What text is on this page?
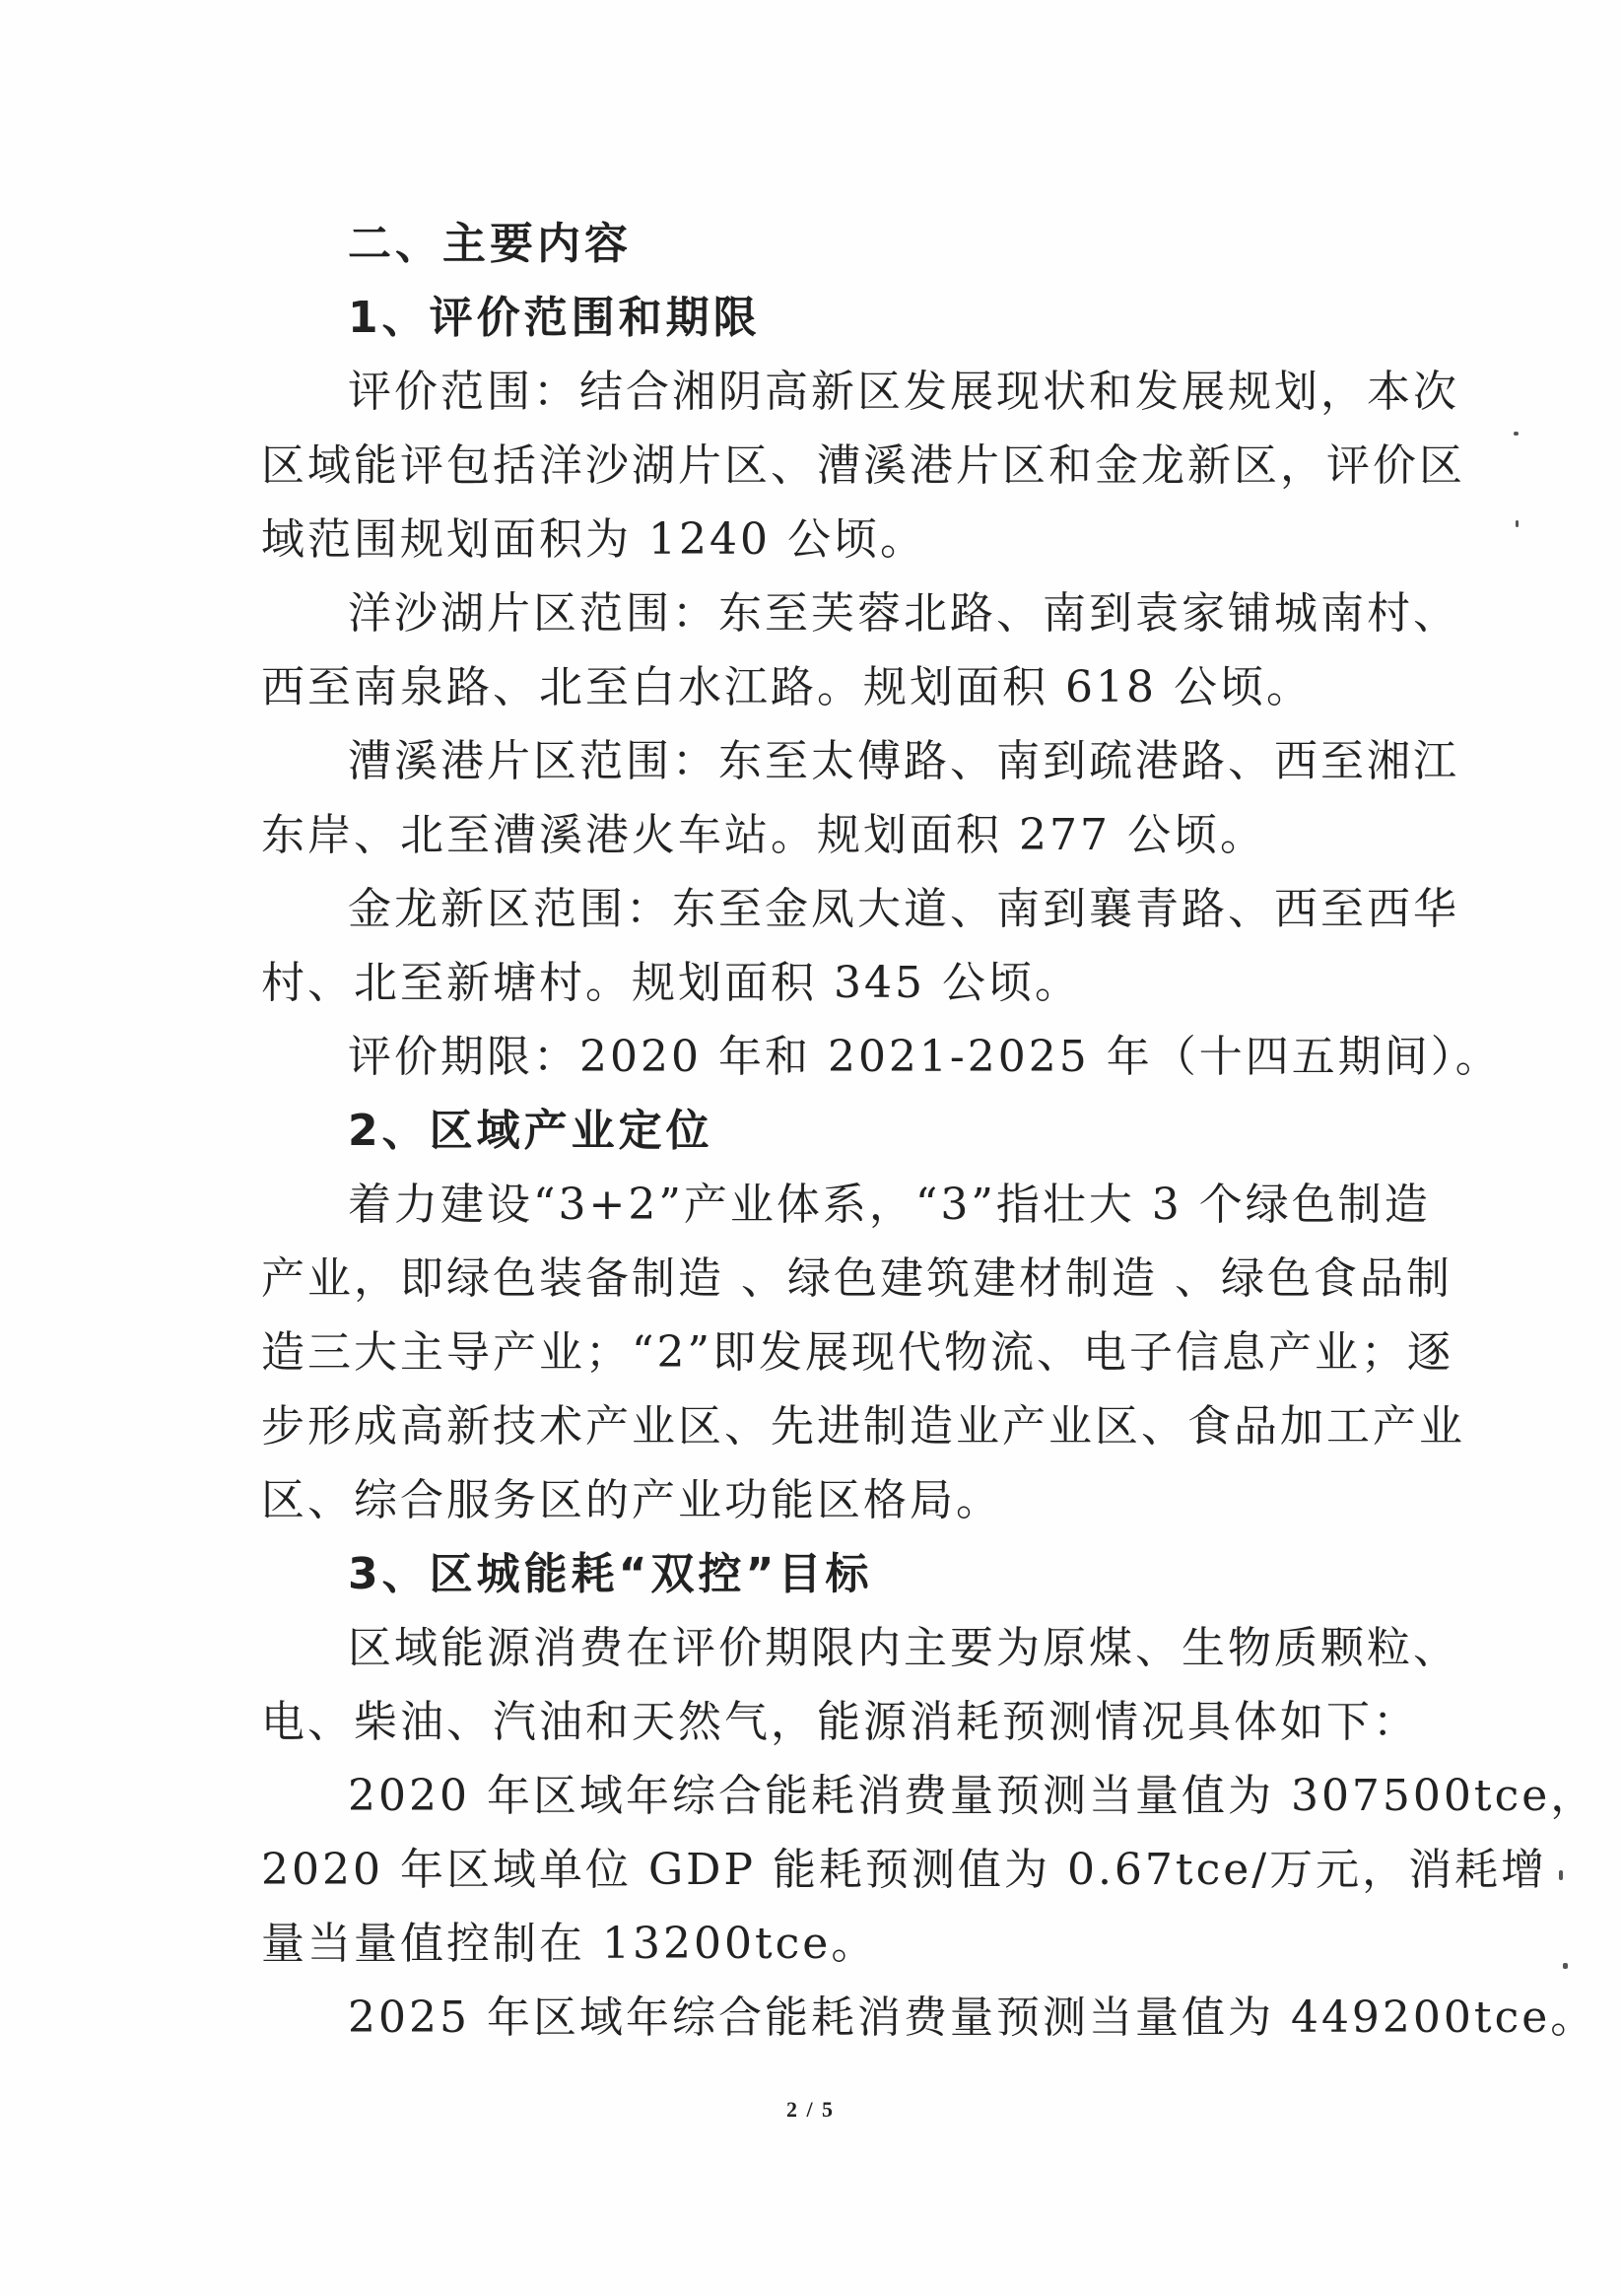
二、主要内容
1、评价范围和期限
评价范围：结合湘阴高新区发展现状和发展规划，本次
区域能评包括洋沙湖片区、漕溪港片区和金龙新区，评价区
域范围规划面积为 1240 公顷。
洋沙湖片区范围：东至芙蓉北路、南到袁家铺城南村、
西至南泉路、北至白水江路。规划面积 618 公顷。
漕溪港片区范围：东至太傅路、南到疏港路、西至湘江
东岸、北至漕溪港火车站。规划面积 277 公顷。
金龙新区范围：东至金凤大道、南到襄青路、西至西华
村、北至新塘村。规划面积 345 公顷。
评价期限：2020 年和 2021-2025 年（十四五期间）。
2、区域产业定位
着力建设“3+2”产业体系，“3”指壮大 3 个绿色制造
产业，即绿色装备制造 、绿色建筑建材制造 、绿色食品制
造三大主导产业；“2”即发展现代物流、电子信息产业；逐
步形成高新技术产业区、先进制造业产业区、食品加工产业
区、综合服务区的产业功能区格局。
3、区城能耗“双控”目标
区域能源消费在评价期限内主要为原煤、生物质颗粒、
电、柴油、汽油和天然气，能源消耗预测情况具体如下：
2020 年区域年综合能耗消费量预测当量值为 307500tce，
2020 年区域单位 GDP 能耗预测值为 0.67tce/万元，消耗增
量当量值控制在 13200tce。
2025 年区域年综合能耗消费量预测当量值为 449200tce。
2 / 5
